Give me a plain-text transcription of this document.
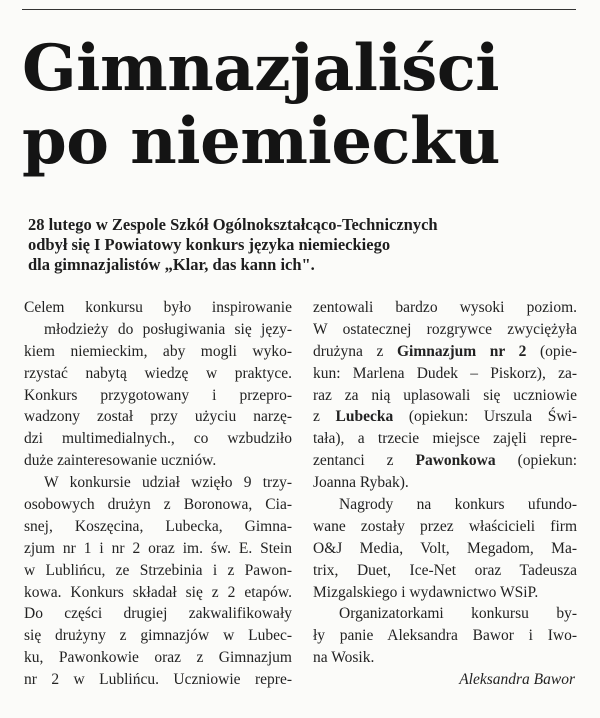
Gimnazjaliści
po niemiecku
28 lutego w Zespole Szkół Ogólnokształcąco-Technicznych
odbył się I Powiatowy konkurs języka niemieckiego
dla gimnazjalistów „Klar, das kann ich".
Celem konkursu było inspirowanie
młodzieży do posługiwania się języ-
kiem niemieckim, aby mogli wyko-
rzystać nabytą wiedzę w praktyce.
Konkurs przygotowany i przepro-
wadzony został przy użyciu narzę-
dzi multimedialnych., co wzbudziło
duże zainteresowanie uczniów.
W konkursie udział wzięło 9 trzy-
osobowych drużyn z Boronowa, Cia-
snej, Koszęcina, Lubecka, Gimna-
zjum nr 1 i nr 2 oraz im. św. E. Stein
w Lublińcu, ze Strzebinia i z Pawon-
kowa. Konkurs składał się z 2 etapów.
Do części drugiej zakwalifikowały
się drużyny z gimnazjów w Lubec-
ku, Pawonkowie oraz z Gimnazjum
nr 2 w Lublińcu. Uczniowie repre-
zentowali bardzo wysoki poziom.
W ostatecznej rozgrywce zwyciężyła
drużyna z Gimnazjum nr 2 (opie-
kun: Marlena Dudek – Piskorz), za-
raz za nią uplasowali się uczniowie
z Lubecka (opiekun: Urszula Świ-
tała), a trzecie miejsce zajęli repre-
zentanci z Pawonkowa (opiekun:
Joanna Rybak).
Nagrody na konkurs ufundo-
wane zostały przez właścicieli firm
O&J Media, Volt, Megadom, Ma-
trix, Duet, Ice-Net oraz Tadeusza
Mizgalskiego i wydawnictwo WSiP.
Organizatorkami konkursu by-
ły panie Aleksandra Bawor i Iwo-
na Wosik.
Aleksandra Bawor
